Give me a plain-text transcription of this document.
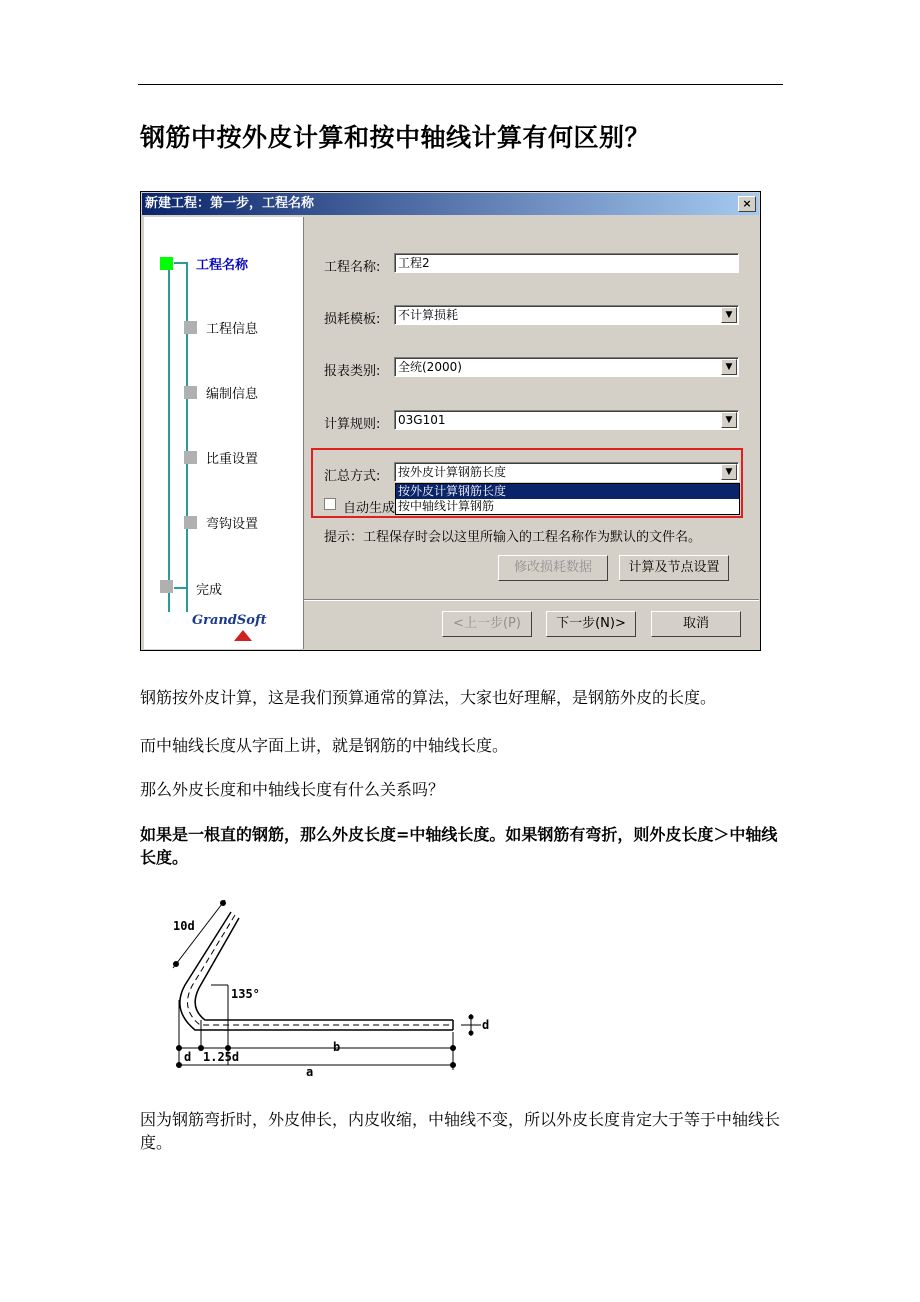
钢筋中按外皮计算和按中轴线计算有何区别？
新建工程：第一步，工程名称	×
工程名称
工程信息
编制信息
比重设置
弯钩设置
完成
GrandSoft
工程名称:	工程2
损耗模板:	不计算损耗	▼
报表类别:	全统(2000)	▼
计算规则:	03G101	▼
汇总方式:	按外皮计算钢筋长度	▼
自动生成
按外皮计算钢筋长度
按中轴线计算钢筋
提示：工程保存时会以这里所输入的工程名称作为默认的文件名。
修改损耗数据	计算及节点设置
<上一步(P)	下一步(N)>	取消
钢筋按外皮计算，这是我们预算通常的算法，大家也好理解，是钢筋外皮的长度。
而中轴线长度从字面上讲，就是钢筋的中轴线长度。
那么外皮长度和中轴线长度有什么关系吗？
如果是一根直的钢筋，那么外皮长度=中轴线长度。如果钢筋有弯折，则外皮长度＞中轴线长度。
10d
135°
d
d 1.25d
b
a
因为钢筋弯折时，外皮伸长，内皮收缩，中轴线不变，所以外皮长度肯定大于等于中轴线长度。
